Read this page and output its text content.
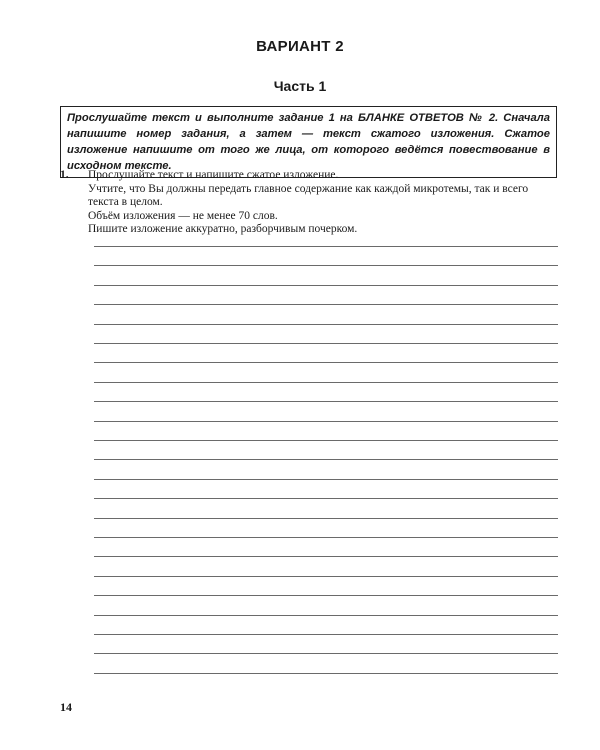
ВАРИАНТ 2
Часть 1
Прослушайте текст и выполните задание 1 на БЛАНКЕ ОТВЕТОВ № 2. Сначала напишите номер задания, а затем — текст сжатого изложения. Сжатое изложение напишите от того же лица, от которого ведётся повествование в исходном тексте.
1. Прослушайте текст и напишите сжатое изложение.

Учтите, что Вы должны передать главное содержание как каждой микротемы, так и всего текста в целом.

Объём изложения — не менее 70 слов.

Пишите изложение аккуратно, разборчивым почерком.

14
